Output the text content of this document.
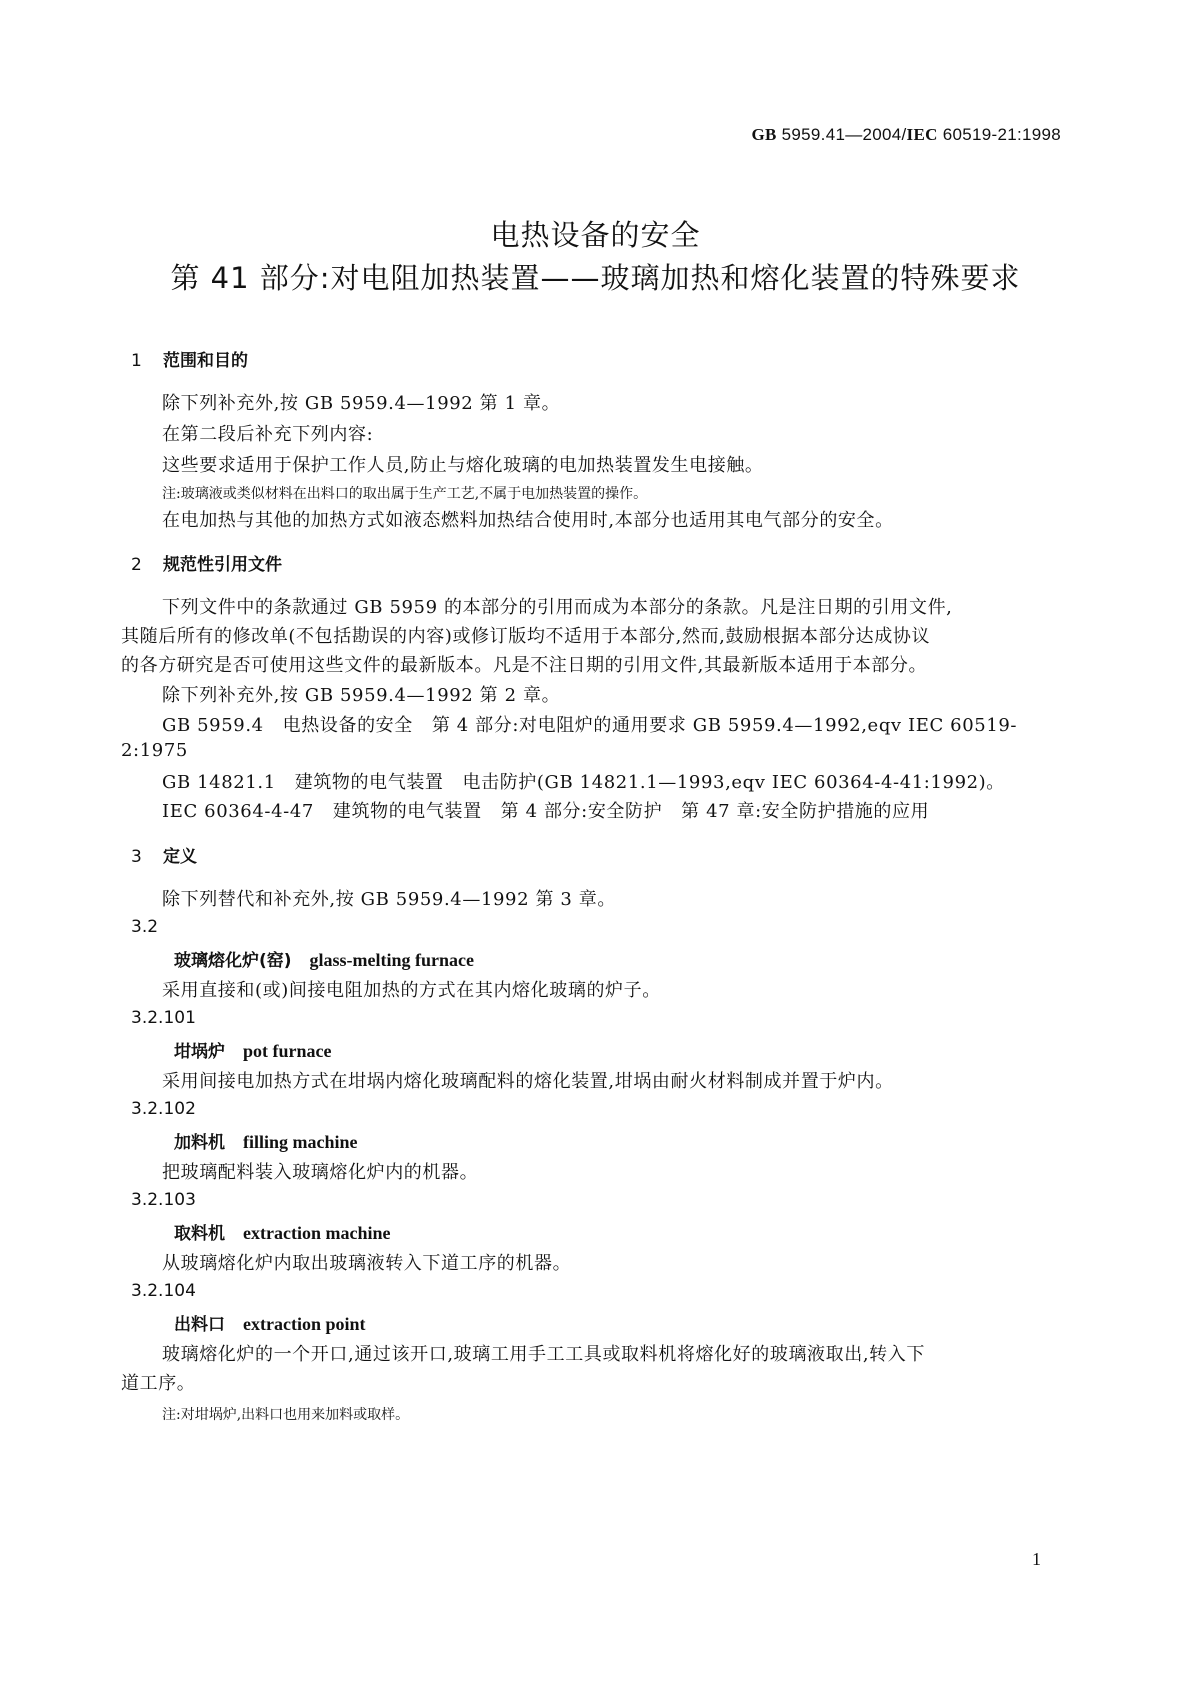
GB 5959.41—2004/IEC 60519-21:1998
电热设备的安全
第 41 部分:对电阻加热装置——玻璃加热和熔化装置的特殊要求
1 范围和目的
除下列补充外,按 GB 5959.4—1992 第 1 章。
在第二段后补充下列内容:
这些要求适用于保护工作人员,防止与熔化玻璃的电加热装置发生电接触。
注:玻璃液或类似材料在出料口的取出属于生产工艺,不属于电加热装置的操作。
在电加热与其他的加热方式如液态燃料加热结合使用时,本部分也适用其电气部分的安全。
2 规范性引用文件
下列文件中的条款通过 GB 5959 的本部分的引用而成为本部分的条款。凡是注日期的引用文件,
其随后所有的修改单(不包括勘误的内容)或修订版均不适用于本部分,然而,鼓励根据本部分达成协议
的各方研究是否可使用这些文件的最新版本。凡是不注日期的引用文件,其最新版本适用于本部分。
除下列补充外,按 GB 5959.4—1992 第 2 章。
GB 5959.4   电热设备的安全   第 4 部分:对电阻炉的通用要求 GB 5959.4—1992,eqv IEC 60519-
2:1975
GB 14821.1   建筑物的电气装置   电击防护(GB 14821.1—1993,eqv IEC 60364-4-41:1992)。
IEC 60364-4-47   建筑物的电气装置   第 4 部分:安全防护   第 47 章:安全防护措施的应用
3 定义
除下列替代和补充外,按 GB 5959.4—1992 第 3 章。
3.2
玻璃熔化炉(窑) glass-melting furnace
采用直接和(或)间接电阻加热的方式在其内熔化玻璃的炉子。
3.2.101
坩埚炉 pot furnace
采用间接电加热方式在坩埚内熔化玻璃配料的熔化装置,坩埚由耐火材料制成并置于炉内。
3.2.102
加料机 filling machine
把玻璃配料装入玻璃熔化炉内的机器。
3.2.103
取料机 extraction machine
从玻璃熔化炉内取出玻璃液转入下道工序的机器。
3.2.104
出料口 extraction point
玻璃熔化炉的一个开口,通过该开口,玻璃工用手工工具或取料机将熔化好的玻璃液取出,转入下
道工序。
注:对坩埚炉,出料口也用来加料或取样。
1
